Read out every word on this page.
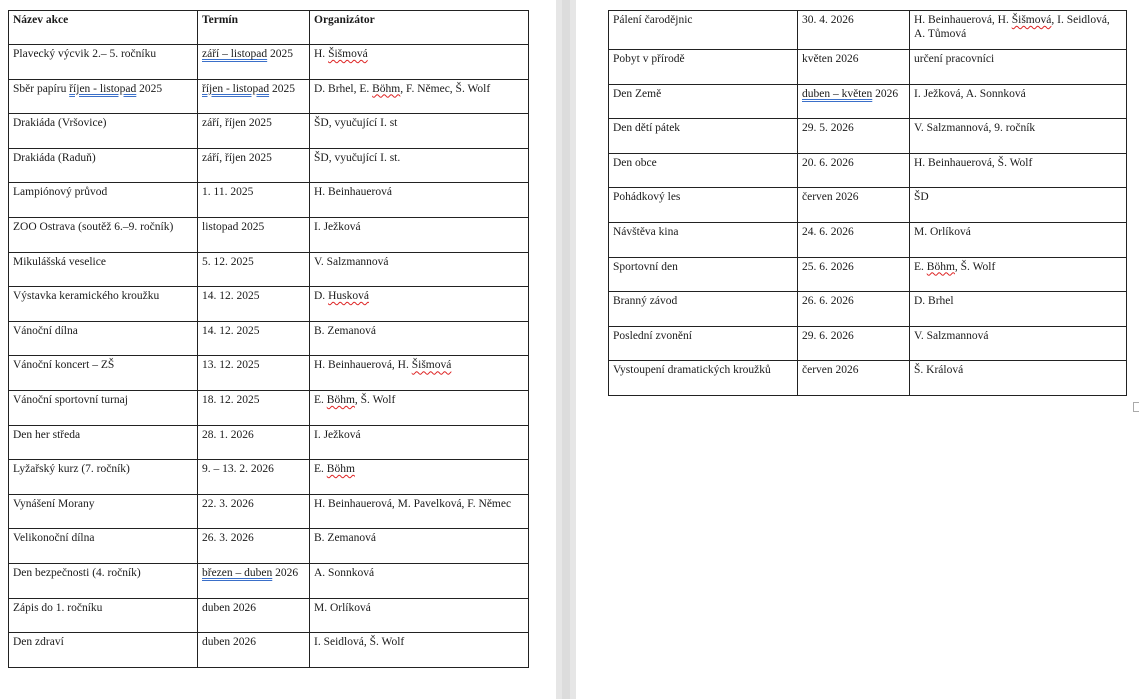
Název akce	Termín	Organizátor
Plavecký výcvik 2.– 5. ročníku	září – listopad 2025	H. Šišmová
Sběr papíru říjen - listopad 2025	říjen - listopad 2025	D. Brhel, E. Böhm, F. Němec, Š. Wolf
Drakiáda (Vršovice)	září, říjen 2025	ŠD, vyučující I. st
Drakiáda (Raduň)	září, říjen 2025	ŠD, vyučující I. st.
Lampiónový průvod	1. 11. 2025	H. Beinhauerová
ZOO Ostrava (soutěž 6.–9. ročník)	listopad 2025	I. Ježková
Mikulášská veselice	5. 12. 2025	V. Salzmannová
Výstavka keramického kroužku	14. 12. 2025	D. Husková
Vánoční dílna	14. 12. 2025	B. Zemanová
Vánoční koncert – ZŠ	13. 12. 2025	H. Beinhauerová, H. Šišmová
Vánoční sportovní turnaj	18. 12. 2025	E. Böhm, Š. Wolf
Den her středa	28. 1. 2026	I. Ježková
Lyžařský kurz (7. ročník)	9. – 13. 2. 2026	E. Böhm
Vynášení Morany	22. 3. 2026	H. Beinhauerová, M. Pavelková, F. Němec
Velikonoční dílna	26. 3. 2026	B. Zemanová
Den bezpečnosti (4. ročník)	březen – duben 2026	A. Sonnková
Zápis do 1. ročníku	duben 2026	M. Orlíková
Den zdraví	duben 2026	I. Seidlová, Š. Wolf
Pálení čarodějnic	30. 4. 2026	H. Beinhauerová, H. Šišmová, I. Seidlová, A. Tůmová
Pobyt v přírodě	květen 2026	určení pracovníci
Den Země	duben – květen 2026	I. Ježková, A. Sonnková
Den dětí pátek	29. 5. 2026	V. Salzmannová, 9. ročník
Den obce	20. 6. 2026	H. Beinhauerová, Š. Wolf
Pohádkový les	červen 2026	ŠD
Návštěva kina	24. 6. 2026	M. Orlíková
Sportovní den	25. 6. 2026	E. Böhm, Š. Wolf
Branný závod	26. 6. 2026	D. Brhel
Poslední zvonění	29. 6. 2026	V. Salzmannová
Vystoupení dramatických kroužků	červen 2026	Š. Králová
